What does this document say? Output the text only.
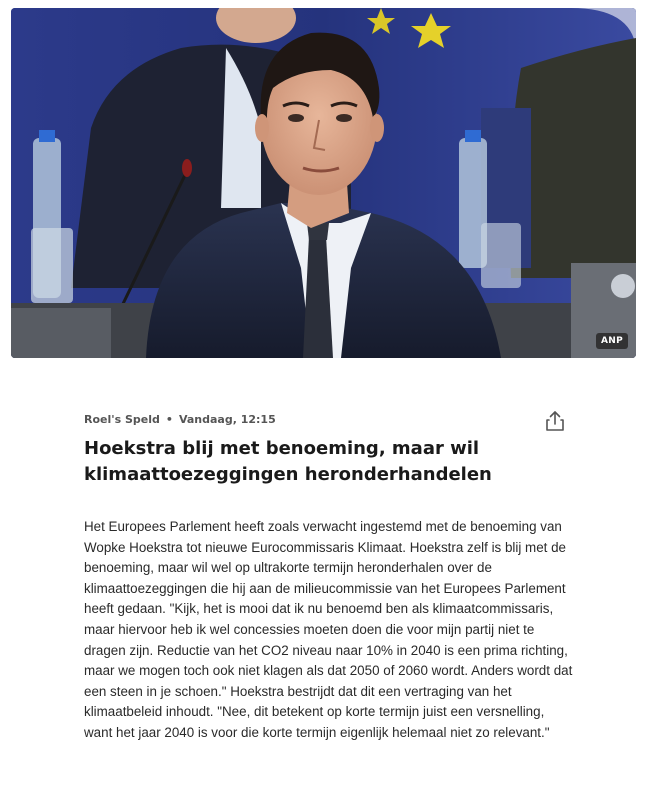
ANP
Roel's Speld • Vandaag, 12:15
Hoekstra blij met benoeming, maar wil klimaattoezeggingen heronderhandelen

Het Europees Parlement heeft zoals verwacht ingestemd met de benoeming van Wopke Hoekstra tot nieuwe Eurocommissaris Klimaat. Hoekstra zelf is blij met de benoeming, maar wil wel op ultrakorte termijn heronderhalen over de klimaattoezeggingen die hij aan de milieucommissie van het Europees Parlement heeft gedaan. "Kijk, het is mooi dat ik nu benoemd ben als klimaatcommissaris, maar hiervoor heb ik wel concessies moeten doen die voor mijn partij niet te dragen zijn. Reductie van het CO2 niveau naar 10% in 2040 is een prima richting, maar we mogen toch ook niet klagen als dat 2050 of 2060 wordt. Anders wordt dat een steen in je schoen." Hoekstra bestrijdt dat dit een vertraging van het klimaatbeleid inhoudt. "Nee, dit betekent op korte termijn juist een versnelling, want het jaar 2040 is voor die korte termijn eigenlijk helemaal niet zo relevant."
